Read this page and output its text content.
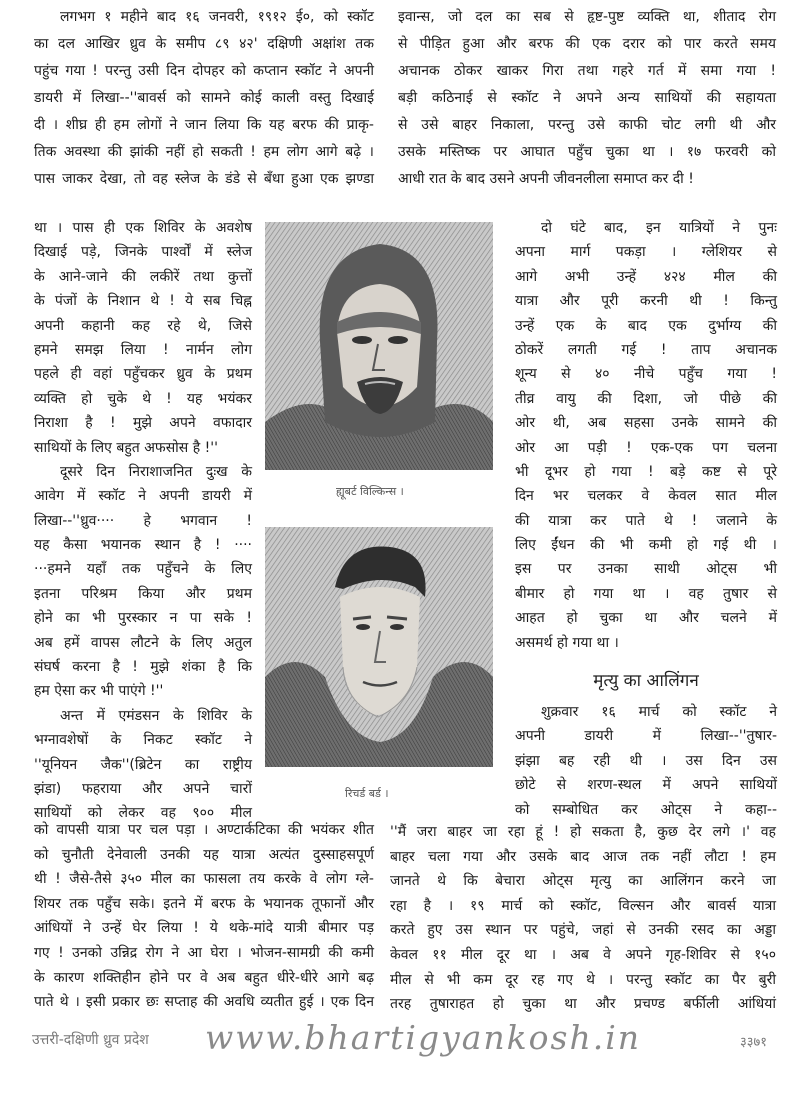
लगभग १ महीने बाद १६ जनवरी, १९१२ ई०, को स्कॉट
का दल आखिर ध्रुव के समीप ८९ ४२' दक्षिणी अक्षांश तक
पहुंच गया ! परन्तु उसी दिन दोपहर को कप्तान स्कॉट ने अपनी
डायरी में लिखा--''बावर्स को सामने कोई काली वस्तु दिखाई
दी । शीघ्र ही हम लोगों ने जान लिया कि यह बरफ की प्राकृ-
तिक अवस्था की झांकी नहीं हो सकती ! हम लोग आगे बढ़े ।
पास जाकर देखा, तो वह स्लेज के डंडे से बँधा हुआ एक झण्डा
इवान्स, जो दल का सब से हृष्ट-पुष्ट व्यक्ति था, शीताद रोग
से पीड़ित हुआ और बरफ की एक दरार को पार करते समय
अचानक ठोकर खाकर गिरा तथा गहरे गर्त में समा गया !
बड़ी कठिनाई से स्कॉट ने अपने अन्य साथियों की सहायता
से उसे बाहर निकाला, परन्तु उसे काफी चोट लगी थी और
उसके मस्तिष्क पर आघात पहुँच चुका था । १७ फरवरी को
आधी रात के बाद उसने अपनी जीवनलीला समाप्त कर दी !
था । पास ही एक शिविर के अवशेष
दिखाई पड़े, जिनके पार्श्वों में स्लेज
के आने-जाने की लकीरें तथा कुत्तों
के पंजों के निशान थे ! ये सब चिह्न
अपनी कहानी कह रहे थे, जिसे
हमने समझ लिया ! नार्मन लोग
पहले ही वहां पहुँचकर ध्रुव के प्रथम
व्यक्ति हो चुके थे ! यह भयंकर
निराशा है ! मुझे अपने वफादार
साथियों के लिए बहुत अफसोस है !''
दूसरे दिन निराशाजनित दुःख के
आवेग में स्कॉट ने अपनी डायरी में
लिखा--''ध्रुव···· हे भगवान !
यह कैसा भयानक स्थान है ! ····
···हमने यहाँ तक पहुँचने के लिए
इतना परिश्रम किया और प्रथम
होने का भी पुरस्कार न पा सके !
अब हमें वापस लौटने के लिए अतुल
संघर्ष करना है ! मुझे शंका है कि
हम ऐसा कर भी पाएंगे !''
अन्त में एमंडसन के शिविर के
भग्नावशेषों के निकट स्कॉट ने
''यूनियन जैक''(ब्रिटेन का राष्ट्रीय
झंडा) फहराया और अपने चारों
साथियों को लेकर वह ९०० मील
दो घंटे बाद, इन यात्रियों ने पुनः
अपना मार्ग पकड़ा । ग्लेशियर से
आगे अभी उन्हें ४२४ मील की
यात्रा और पूरी करनी थी ! किन्तु
उन्हें एक के बाद एक दुर्भाग्य की
ठोकरें लगती गई ! ताप अचानक
शून्य से ४० नीचे पहुँच गया !
तीव्र वायु की दिशा, जो पीछे की
ओर थी, अब सहसा उनके सामने की
ओर आ पड़ी ! एक-एक पग चलना
भी दूभर हो गया ! बड़े कष्ट से पूरे
दिन भर चलकर वे केवल सात मील
की यात्रा कर पाते थे ! जलाने के
लिए ईंधन की भी कमी हो गई थी ।
इस पर उनका साथी ओट्स भी
बीमार हो गया था । वह तुषार से
आहत हो चुका था और चलने में
असमर्थ हो गया था ।
मृत्यु का आलिंगन
शुक्रवार १६ मार्च को स्कॉट ने
अपनी डायरी में लिखा--''तुषार-
झंझा बह रही थी । उस दिन उस
छोटे से शरण-स्थल में अपने साथियों
को सम्बोधित कर ओट्स ने कहा--
को वापसी यात्रा पर चल पड़ा । अण्टार्कटिका की भयंकर शीत
को चुनौती देनेवाली उनकी यह यात्रा अत्यंत दुस्साहसपूर्ण
थी ! जैसे-तैसे ३५० मील का फासला तय करके वे लोग ग्ले-
शियर तक पहुँच सके। इतने में बरफ के भयानक तूफानों और
आंधियों ने उन्हें घेर लिया ! ये थके-मांदे यात्री बीमार पड़
गए ! उनको उन्निद्र रोग ने आ घेरा । भोजन-सामग्री की कमी
के कारण शक्तिहीन होने पर वे अब बहुत धीरे-धीरे आगे बढ़
पाते थे । इसी प्रकार छः सप्ताह की अवधि व्यतीत हुई । एक दिन
''मैं जरा बाहर जा रहा हूं ! हो सकता है, कुछ देर लगे ।' वह
बाहर चला गया और उसके बाद आज तक नहीं लौटा ! हम
जानते थे कि बेचारा ओट्स मृत्यु का आलिंगन करने जा
रहा है । १९ मार्च को स्कॉट, विल्सन और बावर्स यात्रा
करते हुए उस स्थान पर पहुंचे, जहां से उनकी रसद का अड्डा
केवल ११ मील दूर था । अब वे अपने गृह-शिविर से १५०
मील से भी कम दूर रह गए थे । परन्तु स्कॉट का पैर बुरी
तरह तुषाराहत हो चुका था और प्रचण्ड बर्फीली आंधियां
ह्यूबर्ट विल्किन्स ।
रिचर्ड बर्ड ।
उत्तरी-दक्षिणी ध्रुव प्रदेश www.bhartigyankosh.in	३३७१
